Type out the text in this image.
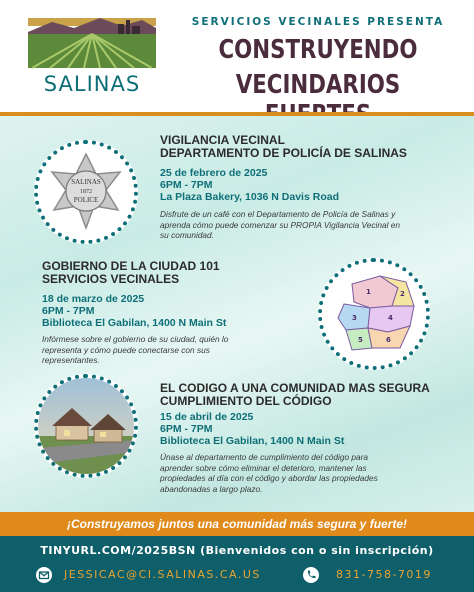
SALINAS
SERVICIOS VECINALES PRESENTA
CONSTRUYENDO
VECINDARIOS
SALINAS
1872
POLICE
VIGILANCIA VECINAL
DEPARTAMENTO DE POLICÍA DE SALINAS
25 de febrero de 2025
6PM - 7PM
La Plaza Bakery, 1036 N Davis Road
Disfrute de un café con el Departamento de Policía de Salinas y
aprenda cómo puede comenzar su PROPIA Vigilancia Vecinal en
su comunidad.
GOBIERNO DE LA CIUDAD 101
SERVICIOS VECINALES
18 de marzo de 2025
6PM - 7PM
Biblioteca El Gabilan, 1400 N Main St
Infórmese sobre el gobierno de su ciudad, quién lo
representa y cómo puede conectarse con sus
representantes.
1	2
3	4
5	6
EL CODIGO A UNA COMUNIDAD MAS SEGURA
CUMPLIMIENTO DEL CÓDIGO
15 de abril de 2025
6PM - 7PM
Biblioteca El Gabilan, 1400 N Main St
Únase al departamento de cumplimiento del código para
aprender sobre cómo eliminar el deterioro, mantener las
propiedades al día con el código y abordar las propiedades
abandonadas a largo plazo.
¡Construyamos juntos una comunidad más segura y fuerte!
TINYURL.COM/2025BSN (Bienvenidos con o sin inscripción)
JESSICAC@CI.SALINAS.CA.US	831-758-7019
